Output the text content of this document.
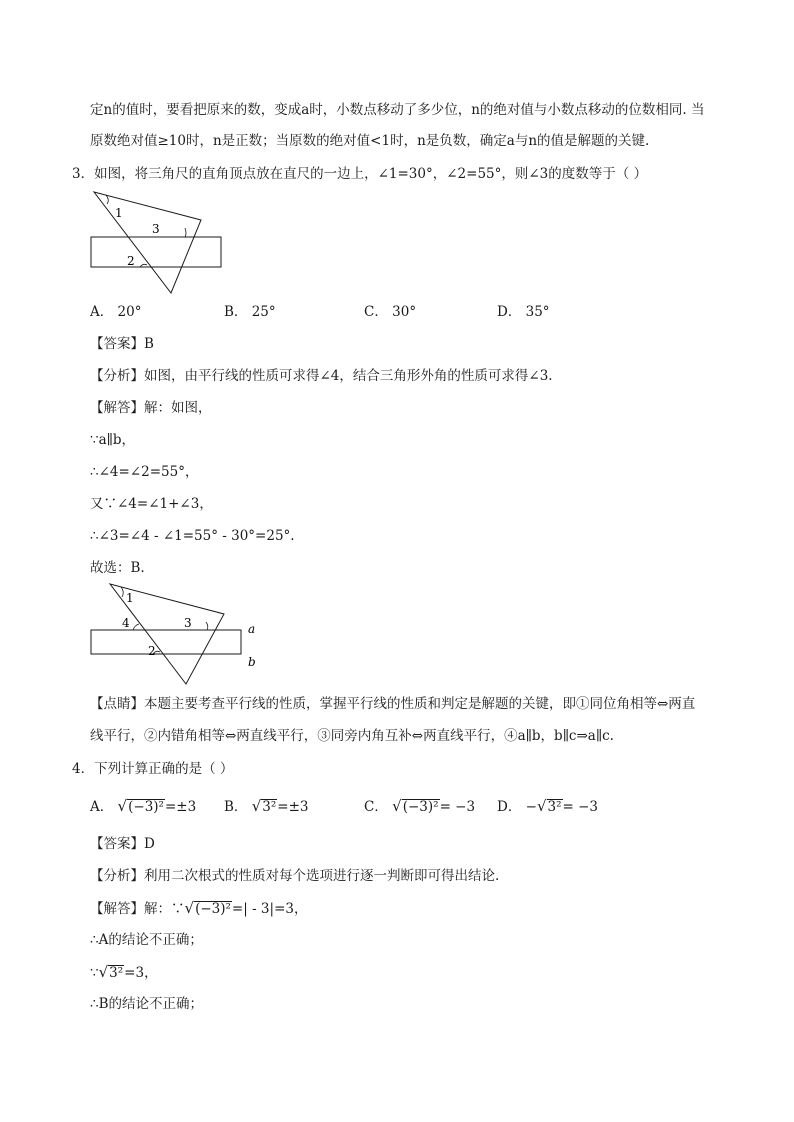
定n的值时，要看把原来的数，变成a时，小数点移动了多少位，n的绝对值与小数点移动的位数相同. 当
原数绝对值≥10时，n是正数；当原数的绝对值<1时，n是负数，确定a与n的值是解题的关键.
3．如图，将三角尺的直角顶点放在直尺的一边上，∠1=30°，∠2=55°，则∠3的度数等于（ ）
1
3
2
A． 20°	B． 25°	C． 30°	D． 35°
【答案】B
【分析】如图，由平行线的性质可求得∠4，结合三角形外角的性质可求得∠3.
【解答】解：如图，
∵a∥b，
∴∠4=∠2=55°，
又∵∠4=∠1+∠3，
∴∠3=∠4 - ∠1=55° - 30°=25°.
故选：B.
1
4	3
2
a
b
【点睛】本题主要考查平行线的性质，掌握平行线的性质和判定是解题的关键，即①同位角相等⇔两直
线平行，②内错角相等⇔两直线平行，③同旁内角互补⇔两直线平行，④a∥b，b∥c⇒a∥c.
4．下列计算正确的是（ ）
A． √(−3)²=±3 B． √3²=±3	C． √(−3)²= −3 D． −√3²= −3
【答案】D
【分析】利用二次根式的性质对每个选项进行逐一判断即可得出结论.
【解答】解：∵√(−3)²=| - 3|=3，
∴A的结论不正确；
∵√3²=3，
∴B的结论不正确；
